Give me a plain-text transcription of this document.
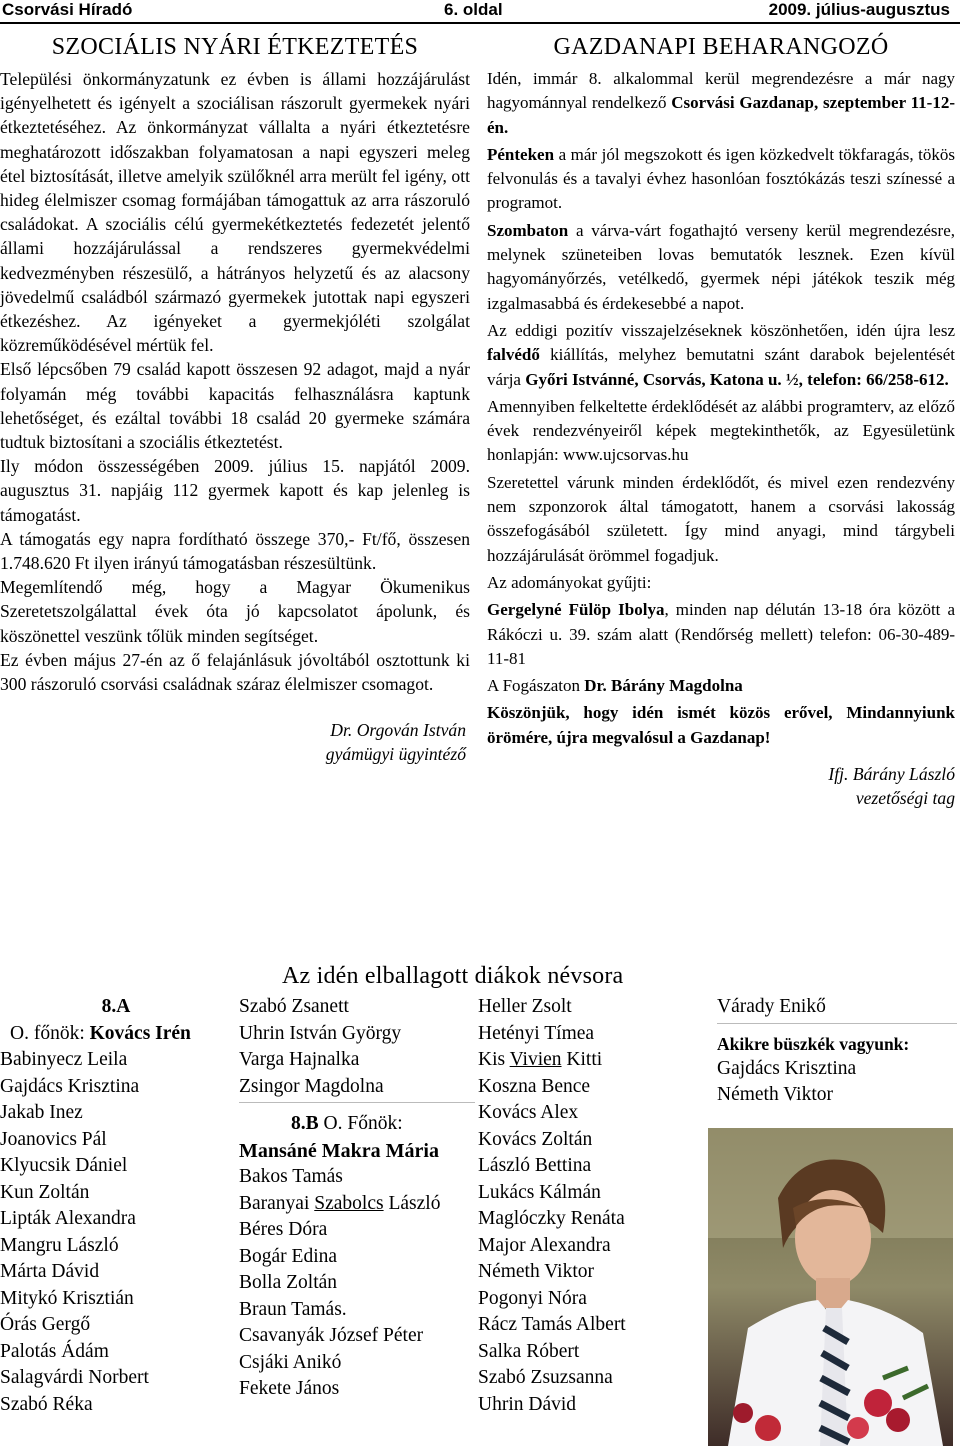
Csorvási Híradó	6. oldal	2009. július-augusztus
SZOCIÁLIS NYÁRI ÉTKEZTETÉS

Települési önkormányzatunk ez évben is állami hozzájárulást igényelhetett és igényelt a szociálisan rászorult gyermekek nyári étkeztetéséhez. Az önkormányzat vállalta a nyári étkeztetésre meghatározott időszakban folyamatosan a napi egyszeri meleg étel biztosítását, illetve amelyik szülőknél arra merült fel igény, ott hideg élelmiszer csomag formájában támogattuk az arra rászoruló családokat. A szociális célú gyermekétkeztetés fedezetét jelentő állami hozzájárulással a rendszeres gyermekvédelmi kedvezményben részesülő, a hátrányos helyzetű és az alacsony jövedelmű családból származó gyermekek jutottak napi egyszeri étkezéshez. Az igényeket a gyermekjóléti szolgálat közreműködésével mértük fel.

Első lépcsőben 79 család kapott összesen 92 adagot, majd a nyár folyamán még további kapacitás felhasználásra kaptunk lehetőséget, és ezáltal további 18 család 20 gyermeke számára tudtuk biztosítani a szociális étkeztetést.

Ily módon összességében 2009. július 15. napjától 2009. augusztus 31. napjáig 112 gyermek kapott és kap jelenleg is támogatást.

A támogatás egy napra fordítható összege 370,- Ft/fő, összesen 1.748.620 Ft ilyen irányú támogatásban részesültünk.

Megemlítendő még, hogy a Magyar Ökumenikus Szeretetszolgálattal évek óta jó kapcsolatot ápolunk, és köszönettel veszünk tőlük minden segítséget.

Ez évben május 27-én az ő felajánlásuk jóvoltából osztottunk ki 300 rászoruló csorvási családnak száraz élelmiszer csomagot.

Dr. Orgován István
gyámügyi ügyintéző
GAZDANAPI BEHARANGOZÓ

Idén, immár 8. alkalommal kerül megrendezésre a már nagy hagyománnyal rendelkező Csorvási Gazdanap, szeptember 11-12-én.

Pénteken a már jól megszokott és igen közkedvelt tökfaragás, tökös felvonulás és a tavalyi évhez hasonlóan fosztókázás teszi színessé a programot.

Szombaton a várva-várt fogathajtó verseny kerül megrendezésre, melynek szüneteiben lovas bemutatók lesznek. Ezen kívül hagyományőrzés, vetélkedő, gyermek népi játékok teszik még izgalmasabbá és érdekesebbé a napot.

Az eddigi pozitív visszajelzéseknek köszönhetően, idén újra lesz falvédő kiállítás, melyhez bemutatni szánt darabok bejelentését várja Győri Istvánné, Csorvás, Katona u. ½, telefon: 66/258-612.

Amennyiben felkeltette érdeklődését az alábbi programterv, az előző évek rendezvényeiről képek megtekinthetők, az Egyesületünk honlapján: www.ujcsorvas.hu

Szeretettel várunk minden érdeklődőt, és mivel ezen rendezvény nem szponzorok által támogatott, hanem a csorvási lakosság összefogásából született. Így mind anyagi, mind tárgybeli hozzájárulását örömmel fogadjuk.

Az adományokat gyűjti:

Gergelyné Fülöp Ibolya, minden nap délután 13-18 óra között a Rákóczi u. 39. szám alatt (Rendőrség mellett) telefon: 06-30-489-11-81

A Fogászaton Dr. Bárány Magdolna

Köszönjük, hogy idén ismét közös erővel, Mindannyiunk örömére, újra megvalósul a Gazdanap!

Ifj. Bárány László
vezetőségi tag
Az idén elballagott diákok névsora
8.A
O. főnök: Kovács Irén
Babinyecz Leila
Gajdács Krisztina
Jakab Inez
Joanovics Pál
Klyucsik Dániel
Kun Zoltán
Lipták Alexandra
Mangru László
Márta Dávid
Mitykó Krisztián
Órás Gergő
Palotás Ádám
Salagvárdi Norbert
Szabó Réka
Szabó Zsanett
Uhrin István György
Varga Hajnalka
Zsingor Magdolna
8.B O. Főnök:
Mansáné Makra Mária
Bakos Tamás
Baranyai Szabolcs László
Béres Dóra
Bogár Edina
Bolla Zoltán
Braun Tamás.
Csavanyák József Péter
Csjáki Anikó
Fekete János
Heller Zsolt
Hetényi Tímea
Kis Vivien Kitti
Koszna Bence
Kovács Alex
Kovács Zoltán
László Bettina
Lukács Kálmán
Maglóczky Renáta
Major Alexandra
Németh Viktor
Pogonyi Nóra
Rácz Tamás Albert
Salka Róbert
Szabó Zsuzsanna
Uhrin Dávid
Várady Enikő
Akikre büszkék vagyunk:
Gajdács Krisztina
Németh Viktor
